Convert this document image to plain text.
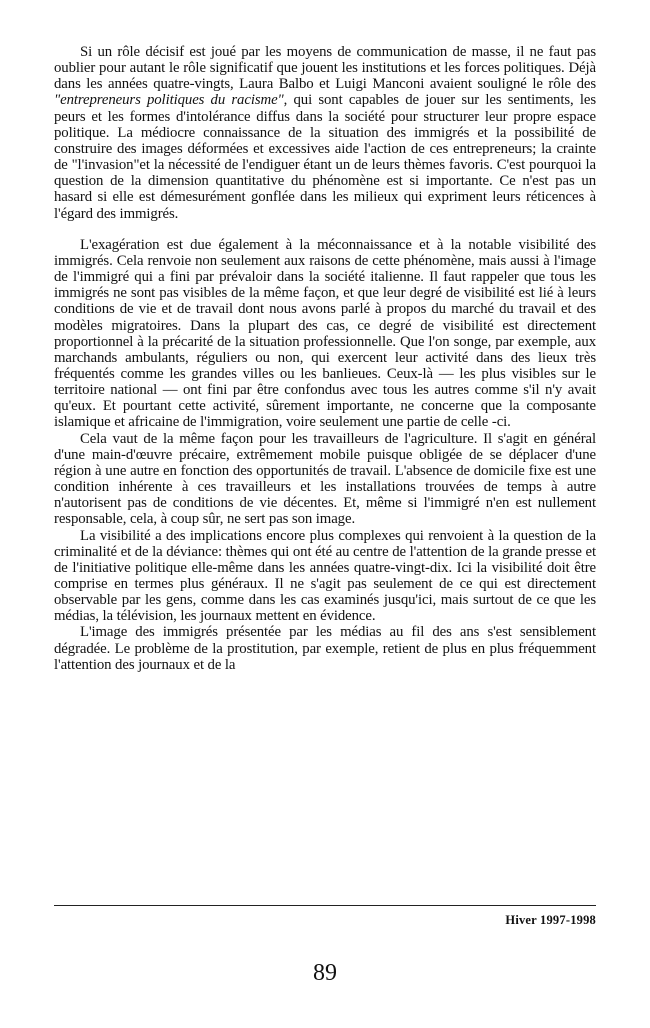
Si un rôle décisif est joué par les moyens de communication de masse, il ne faut pas oublier pour autant le rôle significatif que jouent les institutions et les forces politiques. Déjà dans les années quatre-vingts, Laura Balbo et Luigi Manconi avaient souligné le rôle des "entrepreneurs politiques du racisme", qui sont capables de jouer sur les sentiments, les peurs et les formes d'intolérance diffus dans la société pour structurer leur propre espace politique. La médiocre connaissance de la situation des immigrés et la possibilité de construire des images déformées et excessives aide l'action de ces entrepreneurs; la crainte de "l'invasion"et la nécessité de l'endiguer étant un de leurs thèmes favoris. C'est pourquoi la question de la dimension quantitative du phénomène est si importante. Ce n'est pas un hasard si elle est démesurément gonflée dans les milieux qui expriment leurs réticences à l'égard des immigrés.

L'exagération est due également à la méconnaissance et à la notable visibilité des immigrés. Cela renvoie non seulement aux raisons de cette phénomène, mais aussi à l'image de l'immigré qui a fini par prévaloir dans la société italienne. Il faut rappeler que tous les immigrés ne sont pas visibles de la même façon, et que leur degré de visibilité est lié à leurs conditions de vie et de travail dont nous avons parlé à propos du marché du travail et des modèles migratoires. Dans la plupart des cas, ce degré de visibilité est directement proportionnel à la précarité de la situation professionnelle. Que l'on songe, par exemple, aux marchands ambulants, réguliers ou non, qui exercent leur activité dans des lieux très fréquentés comme les grandes villes ou les banlieues. Ceux-là — les plus visibles sur le territoire national — ont fini par être confondus avec tous les autres comme s'il n'y avait qu'eux. Et pourtant cette activité, sûrement importante, ne concerne que la composante islamique et africaine de l'immigration, voire seulement une partie de celle -ci.

Cela vaut de la même façon pour les travailleurs de l'agriculture. Il s'agit en général d'une main-d'œuvre précaire, extrêmement mobile puisque obligée de se déplacer d'une région à une autre en fonction des opportunités de travail. L'absence de domicile fixe est une condition inhérente à ces travailleurs et les installations trouvées de temps à autre n'autorisent pas de conditions de vie décentes. Et, même si l'immigré n'en est nullement responsable, cela, à coup sûr, ne sert pas son image.

La visibilité a des implications encore plus complexes qui renvoient à la question de la criminalité et de la déviance: thèmes qui ont été au centre de l'attention de la grande presse et de l'initiative politique elle-même dans les années quatre-vingt-dix. Ici la visibilité doit être comprise en termes plus généraux. Il ne s'agit pas seulement de ce qui est directement observable par les gens, comme dans les cas examinés jusqu'ici, mais surtout de ce que les médias, la télévision, les journaux mettent en évidence.

L'image des immigrés présentée par les médias au fil des ans s'est sensiblement dégradée. Le problème de la prostitution, par exemple, retient de plus en plus fréquemment l'attention des journaux et de la

Hiver 1997-1998
89
